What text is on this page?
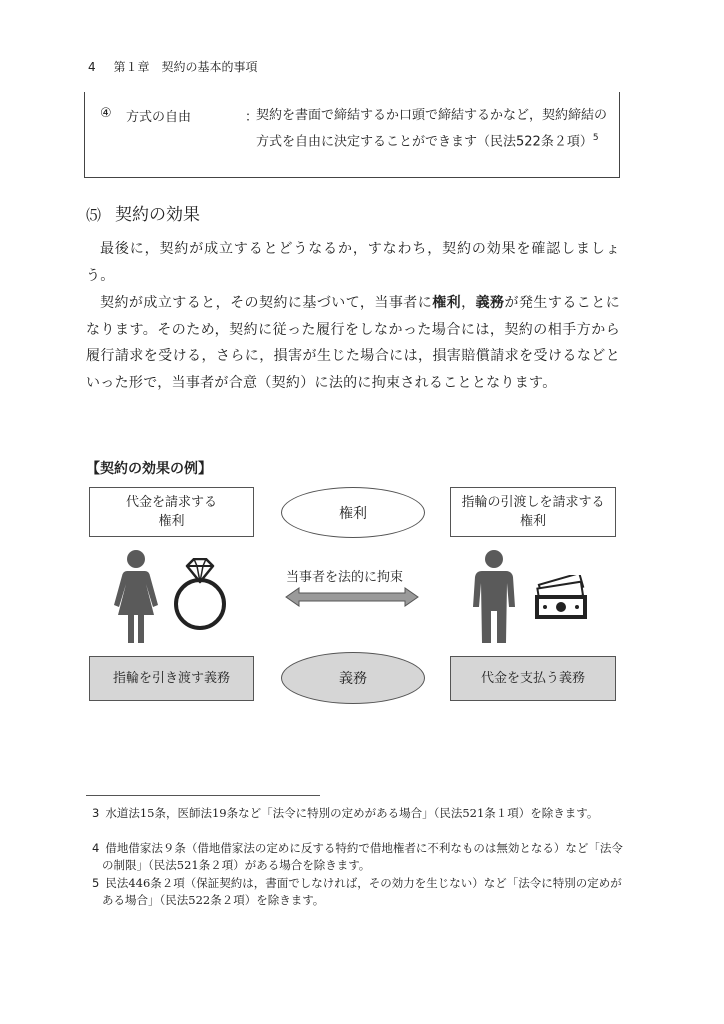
4 第１章　契約の基本的事項
④ 方式の自由	：
契約を書面で締結するか口頭で締結するかなど，契約締結の方式を自由に決定することができます（民法522条２項）$^5$
⑸ 契約の効果
最後に，契約が成立するとどうなるか，すなわち，契約の効果を確認しましょう。
契約が成立すると，その契約に基づいて，当事者に権利，義務が発生することになります。そのため，契約に従った履行をしなかった場合には，契約の相手方から履行請求を受ける，さらに，損害が生じた場合には，損害賠償請求を受けるなどといった形で，当事者が合意（契約）に法的に拘束されることとなります。
【契約の効果の例】
代金を請求する
権利	権利
指輪の引渡しを請求する
権利
当事者を法的に拘束
指輪を引き渡す義務	義務	代金を支払う義務
3 水道法15条，医師法19条など「法令に特別の定めがある場合」（民法521条１項）を除きます。
4 借地借家法９条（借地借家法の定めに反する特約で借地権者に不利なものは無効となる）など「法令の制限」（民法521条２項）がある場合を除きます。
5 民法446条２項（保証契約は，書面でしなければ，その効力を生じない）など「法令に特別の定めがある場合」（民法522条２項）を除きます。
